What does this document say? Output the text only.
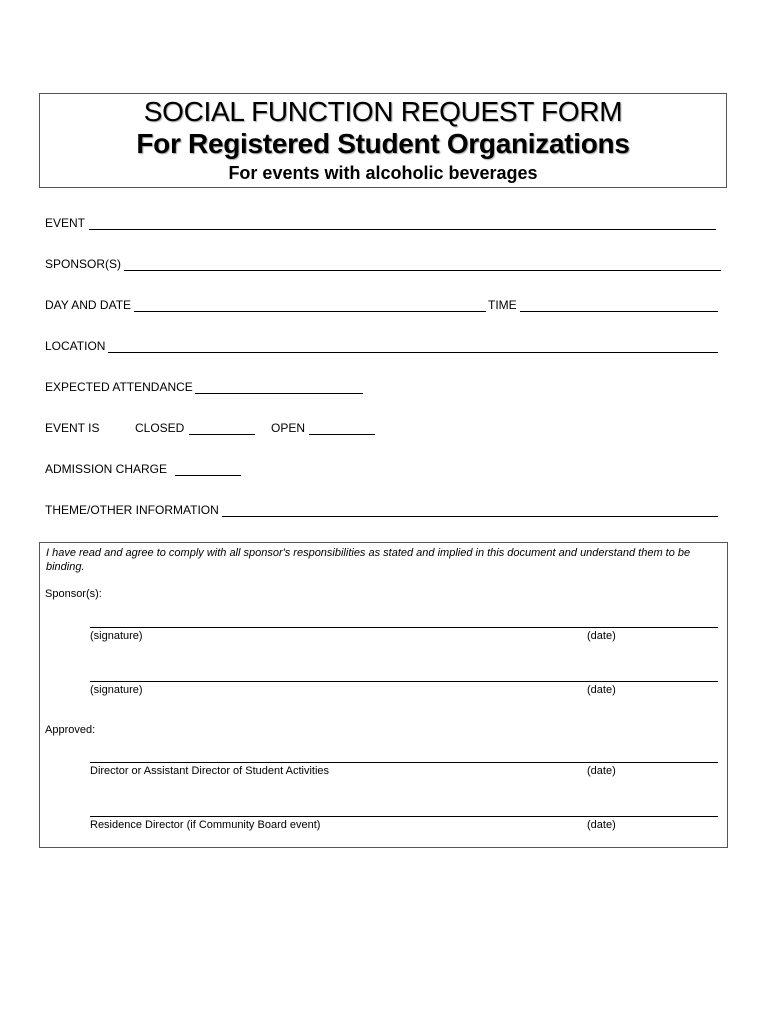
SOCIAL FUNCTION REQUEST FORM
For Registered Student Organizations
For events with alcoholic beverages
EVENT
SPONSOR(S)
DAY AND DATE	TIME
LOCATION
EXPECTED ATTENDANCE
EVENT IS	CLOSED	OPEN
ADMISSION CHARGE
THEME/OTHER INFORMATION
I have read and agree to comply with all sponsor's responsibilities as stated and implied in this document and understand them to be binding.
Sponsor(s):
(signature)	(date)
(signature)	(date)
Approved:
Director or Assistant Director of Student Activities	(date)
Residence Director (if Community Board event)	(date)
